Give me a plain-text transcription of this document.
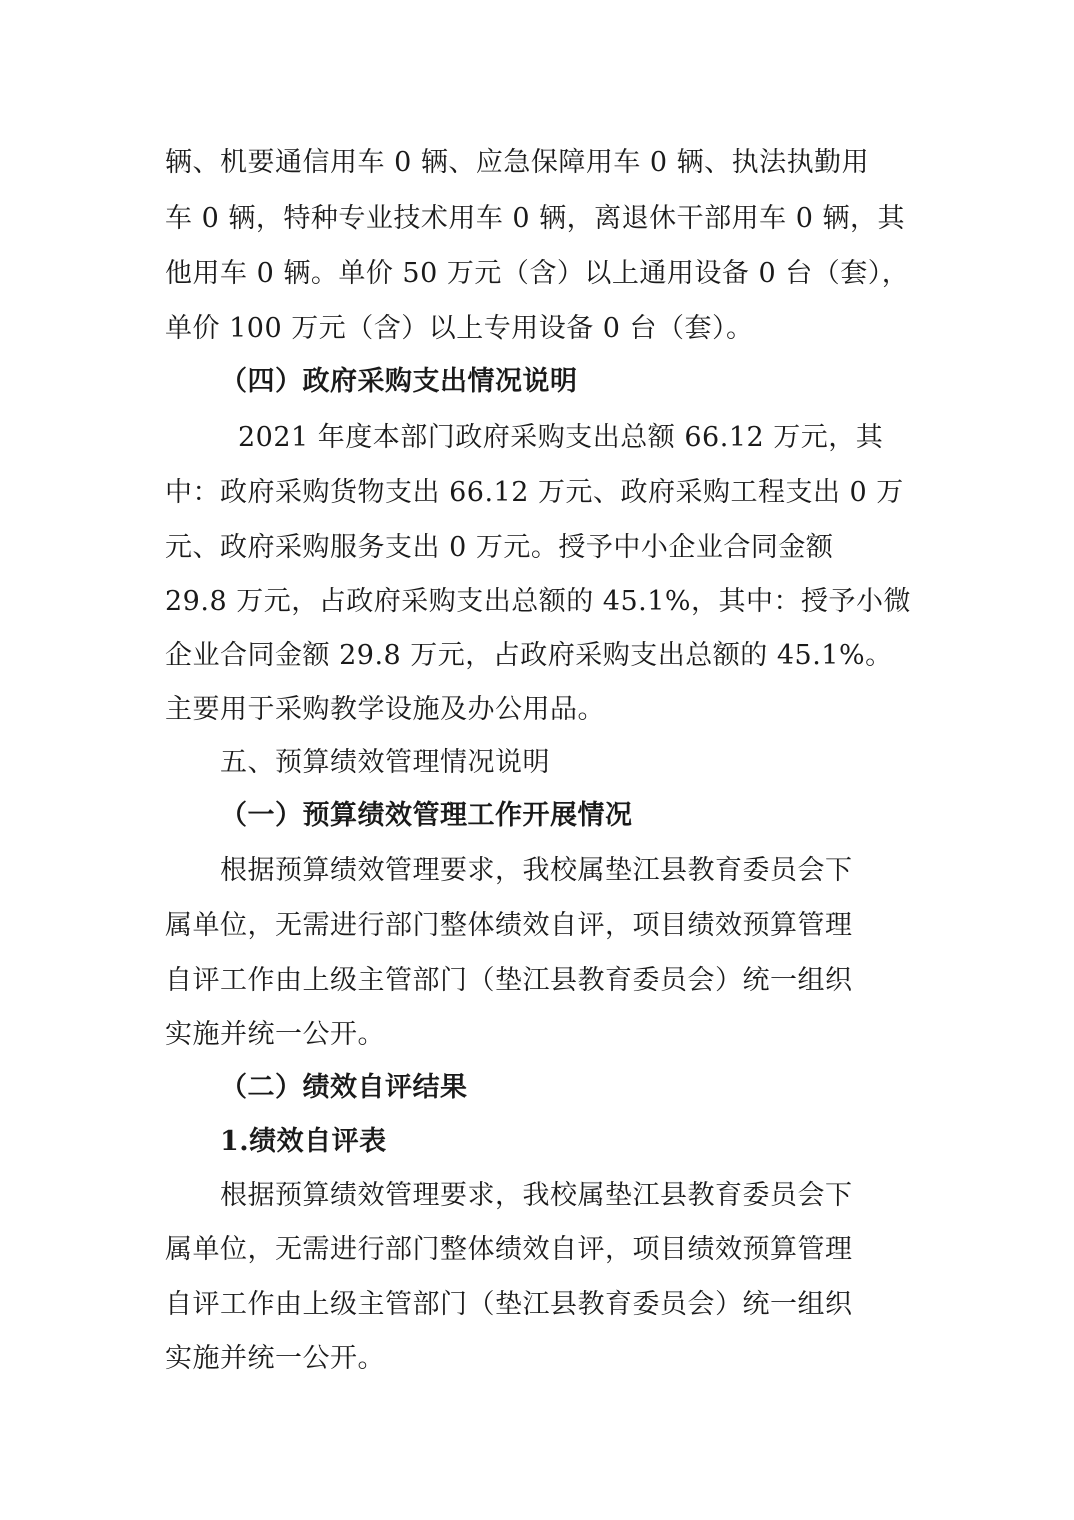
辆、机要通信用车 0 辆、应急保障用车 0 辆、执法执勤用
车 0 辆，特种专业技术用车 0 辆，离退休干部用车 0 辆，其
他用车 0 辆。单价 50 万元（含）以上通用设备 0 台（套），
单价 100 万元（含）以上专用设备 0 台（套）。
（四）政府采购支出情况说明
2021 年度本部门政府采购支出总额 66.12 万元，其
中：政府采购货物支出 66.12 万元、政府采购工程支出 0 万
元、政府采购服务支出 0 万元。授予中小企业合同金额
29.8 万元，占政府采购支出总额的 45.1%，其中：授予小微
企业合同金额 29.8 万元，占政府采购支出总额的 45.1%。
主要用于采购教学设施及办公用品。
五、预算绩效管理情况说明
（一）预算绩效管理工作开展情况
根据预算绩效管理要求，我校属垫江县教育委员会下
属单位，无需进行部门整体绩效自评，项目绩效预算管理
自评工作由上级主管部门（垫江县教育委员会）统一组织
实施并统一公开。
（二）绩效自评结果
1.绩效自评表
根据预算绩效管理要求，我校属垫江县教育委员会下
属单位，无需进行部门整体绩效自评，项目绩效预算管理
自评工作由上级主管部门（垫江县教育委员会）统一组织
实施并统一公开。
